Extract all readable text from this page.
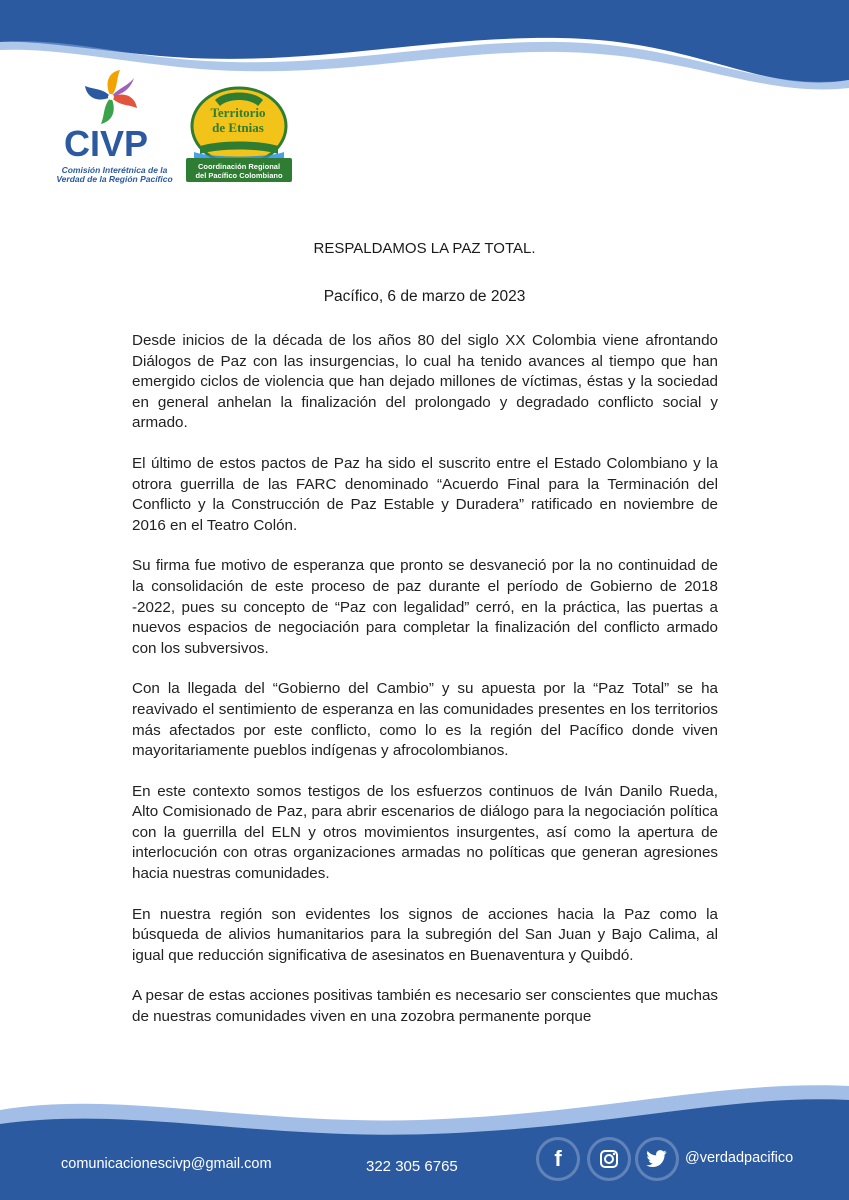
CIVP
Comisión Interétnica de la
Verdad de la Región Pacífico
Territorio
de Etnias
Coordinación Regional
del Pacífico Colombiano
RESPALDAMOS LA PAZ TOTAL.
Pacífico, 6 de marzo de 2023

Desde inicios de la década de los años 80 del siglo XX Colombia viene afrontando Diálogos de Paz con las insurgencias, lo cual ha tenido avances al tiempo que han emergido ciclos de violencia que han dejado millones de víctimas, éstas y la sociedad en general anhelan la finalización del prolongado y degradado conflicto social y armado.

El último de estos pactos de Paz ha sido el suscrito entre el Estado Colombiano y la otrora guerrilla de las FARC denominado “Acuerdo Final para la Terminación del Conflicto y la Construcción de Paz Estable y Duradera” ratificado en noviembre de 2016 en el Teatro Colón.

Su firma fue motivo de esperanza que pronto se desvaneció por la no continuidad de la consolidación de este proceso de paz durante el período de Gobierno de 2018 -2022, pues su concepto de “Paz con legalidad” cerró, en la práctica, las puertas a nuevos espacios de negociación para completar la finalización del conflicto armado con los subversivos.

Con la llegada del “Gobierno del Cambio” y su apuesta por la “Paz Total” se ha reavivado el sentimiento de esperanza en las comunidades presentes en los territorios más afectados por este conflicto, como lo es la región del Pacífico donde viven mayoritariamente pueblos indígenas y afrocolombianos.

En este contexto somos testigos de los esfuerzos continuos de Iván Danilo Rueda, Alto Comisionado de Paz, para abrir escenarios de diálogo para la negociación política con la guerrilla del ELN y otros movimientos insurgentes, así como la apertura de interlocución con otras organizaciones armadas no políticas que generan agresiones hacia nuestras comunidades.

En nuestra región son evidentes los signos de acciones hacia la Paz como la búsqueda de alivios humanitarios para la subregión del San Juan y Bajo Calima, al igual que reducción significativa de asesinatos en Buenaventura y Quibdó.

A pesar de estas acciones positivas también es necesario ser conscientes que muchas de nuestras comunidades viven en una zozobra permanente porque

comunicacionescivp@gmail.com	322 305 6765	f	@verdadpacifico
